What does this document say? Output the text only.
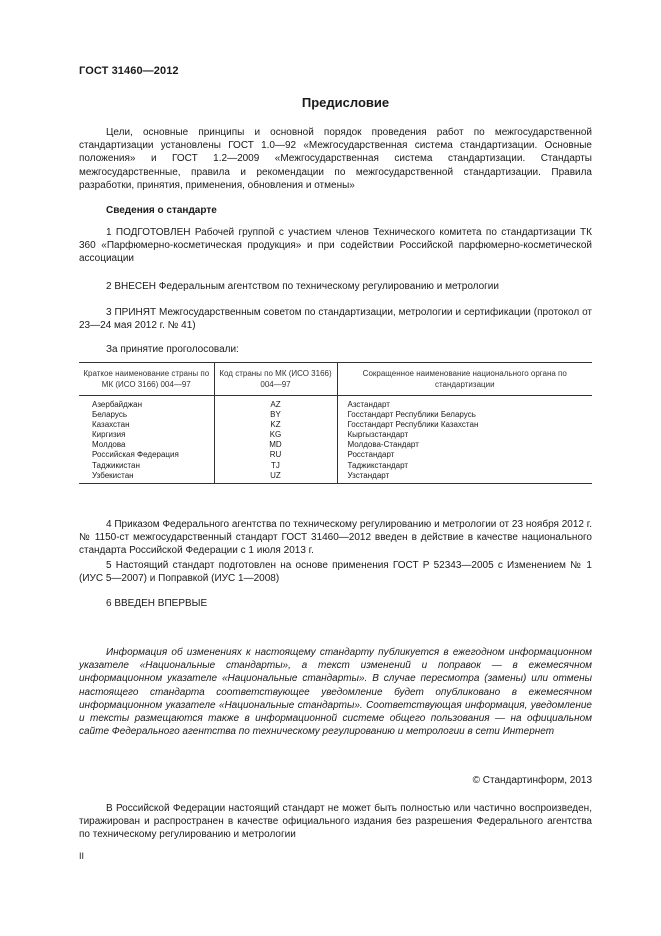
ГОСТ 31460—2012
Предисловие
Цели, основные принципы и основной порядок проведения работ по межгосударственной стандартизации установлены ГОСТ 1.0—92 «Межгосударственная система стандартизации. Основные положения» и ГОСТ 1.2—2009 «Межгосударственная система стандартизации. Стандарты межгосударственные, правила и рекомендации по межгосударственной стандартизации. Правила разработки, принятия, применения, обновления и отмены»
Сведения о стандарте
1 ПОДГОТОВЛЕН Рабочей группой с участием членов Технического комитета по стандартизации ТК 360 «Парфюмерно-косметическая продукция» и при содействии Российской парфюмерно-косметической ассоциации
2 ВНЕСЕН Федеральным агентством по техническому регулированию и метрологии
3 ПРИНЯТ Межгосударственным советом по стандартизации, метрологии и сертификации (протокол от 23—24 мая 2012 г. № 41)
За принятие проголосовали:
Краткое наименование страны по МК (ИСО 3166) 004—97	Код страны по МК (ИСО 3166) 004—97	Сокращенное наименование национального органа по стандартизации
Азербайджан	AZ	Азстандарт
Беларусь	BY	Госстандарт Республики Беларусь
Казахстан	KZ	Госстандарт Республики Казахстан
Киргизия	KG	Кыргызстандарт
Молдова	MD	Молдова-Стандарт
Российская Федерация	RU	Росстандарт
Таджикистан	TJ	Таджикстандарт
Узбекистан	UZ	Узстандарт
4 Приказом Федерального агентства по техническому регулированию и метрологии от 23 ноября 2012 г. № 1150-ст межгосударственный стандарт ГОСТ 31460—2012 введен в действие в качестве национального стандарта Российской Федерации с 1 июля 2013 г.
5 Настоящий стандарт подготовлен на основе применения ГОСТ Р 52343—2005 с Изменением № 1 (ИУС 5—2007) и Поправкой (ИУС 1—2008)
6 ВВЕДЕН ВПЕРВЫЕ
Информация об изменениях к настоящему стандарту публикуется в ежегодном информационном указателе «Национальные стандарты», а текст изменений и поправок — в ежемесячном информационном указателе «Национальные стандарты». В случае пересмотра (замены) или отмены настоящего стандарта соответствующее уведомление будет опубликовано в ежемесячном информационном указателе «Национальные стандарты». Соответствующая информация, уведомление и тексты размещаются также в информационной системе общего пользования — на официальном сайте Федерального агентства по техническому регулированию и метрологии в сети Интернет
© Стандартинформ, 2013
В Российской Федерации настоящий стандарт не может быть полностью или частично воспроизведен, тиражирован и распространен в качестве официального издания без разрешения Федерального агентства по техническому регулированию и метрологии
II
